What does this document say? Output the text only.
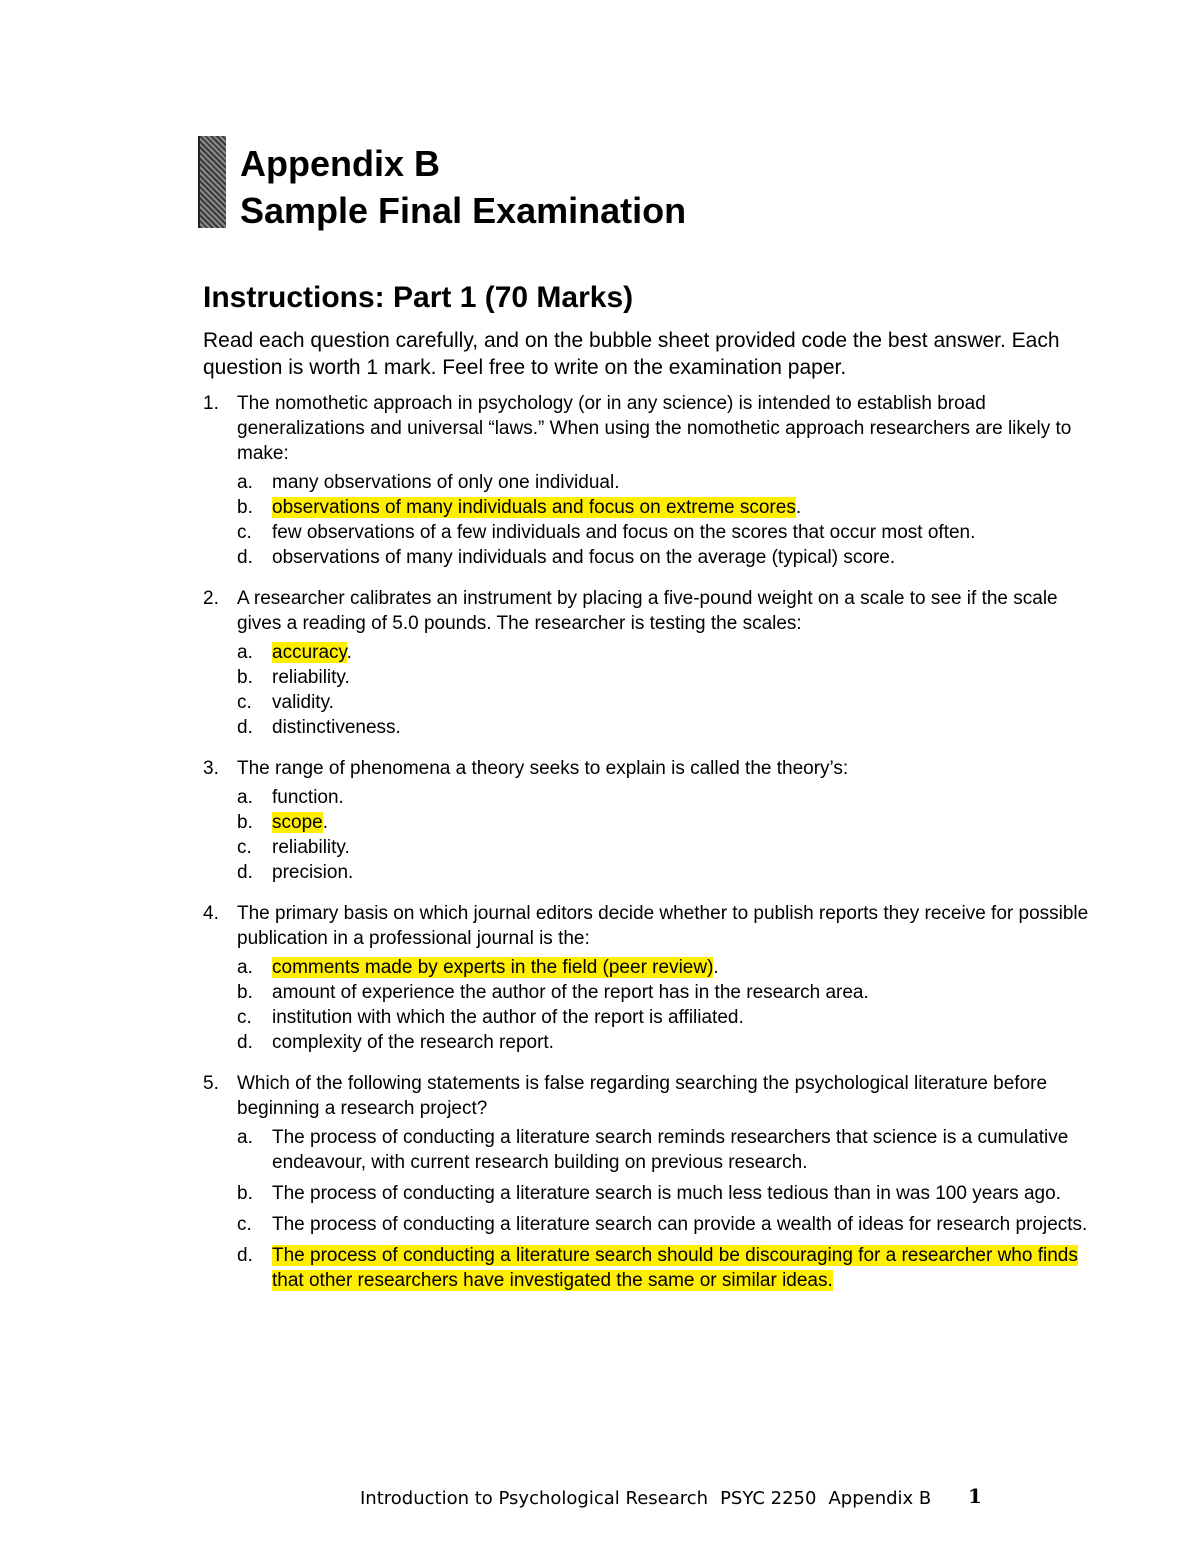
Appendix B
Sample Final Examination
Instructions: Part 1 (70 Marks)
Read each question carefully, and on the bubble sheet provided code the best answer. Each question is worth 1 mark. Feel free to write on the examination paper.
1. The nomothetic approach in psychology (or in any science) is intended to establish broad generalizations and universal “laws.” When using the nomothetic approach researchers are likely to make:
a. many observations of only one individual.
b. observations of many individuals and focus on extreme scores.
c. few observations of a few individuals and focus on the scores that occur most often.
d. observations of many individuals and focus on the average (typical) score.
2. A researcher calibrates an instrument by placing a five-pound weight on a scale to see if the scale gives a reading of 5.0 pounds. The researcher is testing the scales:
a. accuracy.
b. reliability.
c. validity.
d. distinctiveness.
3. The range of phenomena a theory seeks to explain is called the theory’s:
a. function.
b. scope.
c. reliability.
d. precision.
4. The primary basis on which journal editors decide whether to publish reports they receive for possible publication in a professional journal is the:
a. comments made by experts in the field (peer review).
b. amount of experience the author of the report has in the research area.
c. institution with which the author of the report is affiliated.
d. complexity of the research report.
5. Which of the following statements is false regarding searching the psychological literature before beginning a research project?
a. The process of conducting a literature search reminds researchers that science is a cumulative endeavour, with current research building on previous research.
b. The process of conducting a literature search is much less tedious than in was 100 years ago.
c. The process of conducting a literature search can provide a wealth of ideas for research projects.
d. The process of conducting a literature search should be discouraging for a researcher who finds that other researchers have investigated the same or similar ideas.
Introduction to Psychological Research PSYC 2250 Appendix B 1
